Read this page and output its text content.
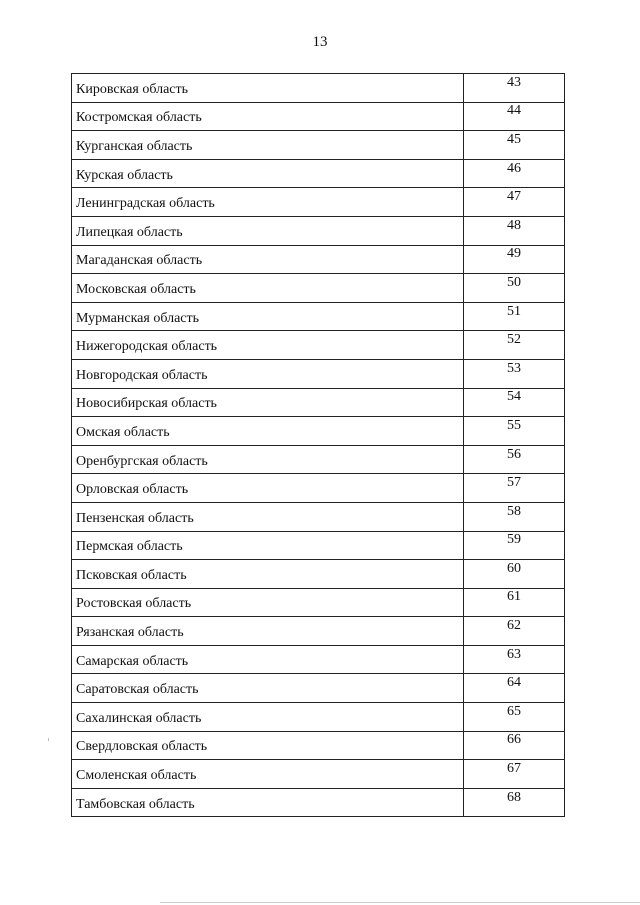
13
Кировская область	43
Костромская область	44
Курганская область	45
Курская область	46
Ленинградская область	47
Липецкая область	48
Магаданская область	49
Московская область	50
Мурманская область	51
Нижегородская область	52
Новгородская область	53
Новосибирская область	54
Омская область	55
Оренбургская область	56
Орловская область	57
Пензенская область	58
Пермская область	59
Псковская область	60
Ростовская область	61
Рязанская область	62
Самарская область	63
Саратовская область	64
Сахалинская область	65
Свердловская область	66
Смоленская область	67
Тамбовская область	68
